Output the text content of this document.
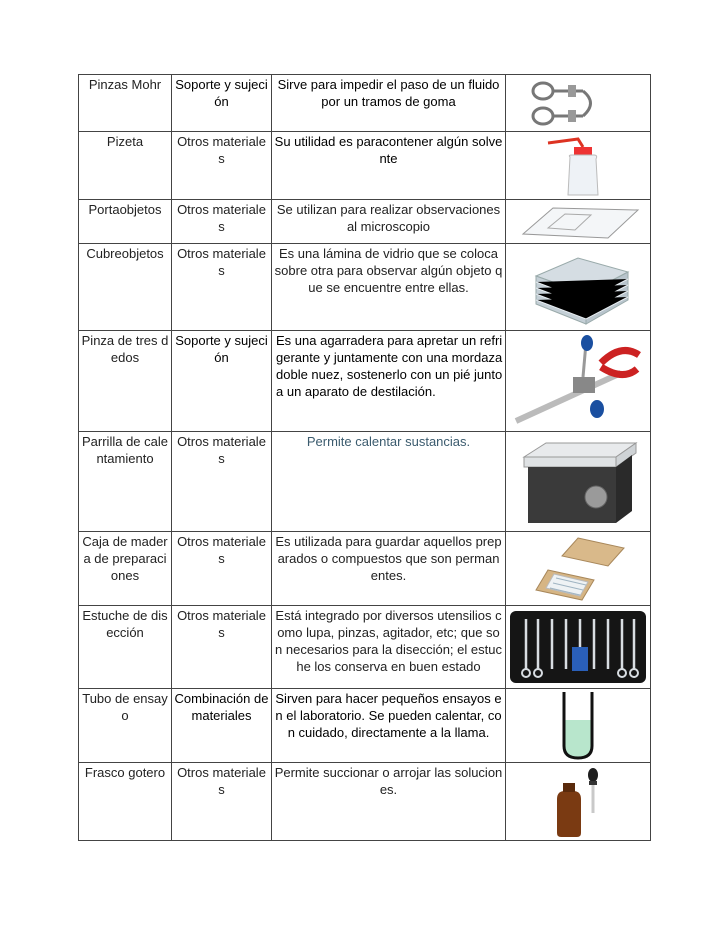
Pinzas Mohr	Soporte y sujeción	Sirve para impedir el paso de un fluido por un tramos de goma	

Pizeta	Otros materiales	Su utilidad es paracontener algún solvente	

Portaobjetos	Otros materiales	Se utilizan para realizar observaciones al microscopio	

Cubreobjetos	Otros materiales	Es una lámina de vidrio que se coloca sobre otra para observar algún objeto que se encuentre entre ellas.	

Pinza de tres dedos	Soporte y sujeción	Es una agarradera para apretar un refrigerante y juntamente con una mordaza doble nuez, sostenerlo con un pié junto a un aparato de destilación.	

Parrilla de calentamiento	Otros materiales	Permite calentar sustancias.	

Caja de madera de preparaciones	Otros materiales	Es utilizada para guardar aquellos preparados o compuestos que son permanentes.	

Estuche de disección	Otros materiales	Está integrado por diversos utensilios como lupa, pinzas, agitador, etc; que son necesarios para la disección; el estuche los conserva en buen estado	

Tubo de ensayo	Combinación de materiales	Sirven para hacer pequeños ensayos en el laboratorio. Se pueden calentar, con cuidado, directamente a la llama.	

Frasco gotero	Otros materiales	Permite succionar o arrojar las soluciones.	
